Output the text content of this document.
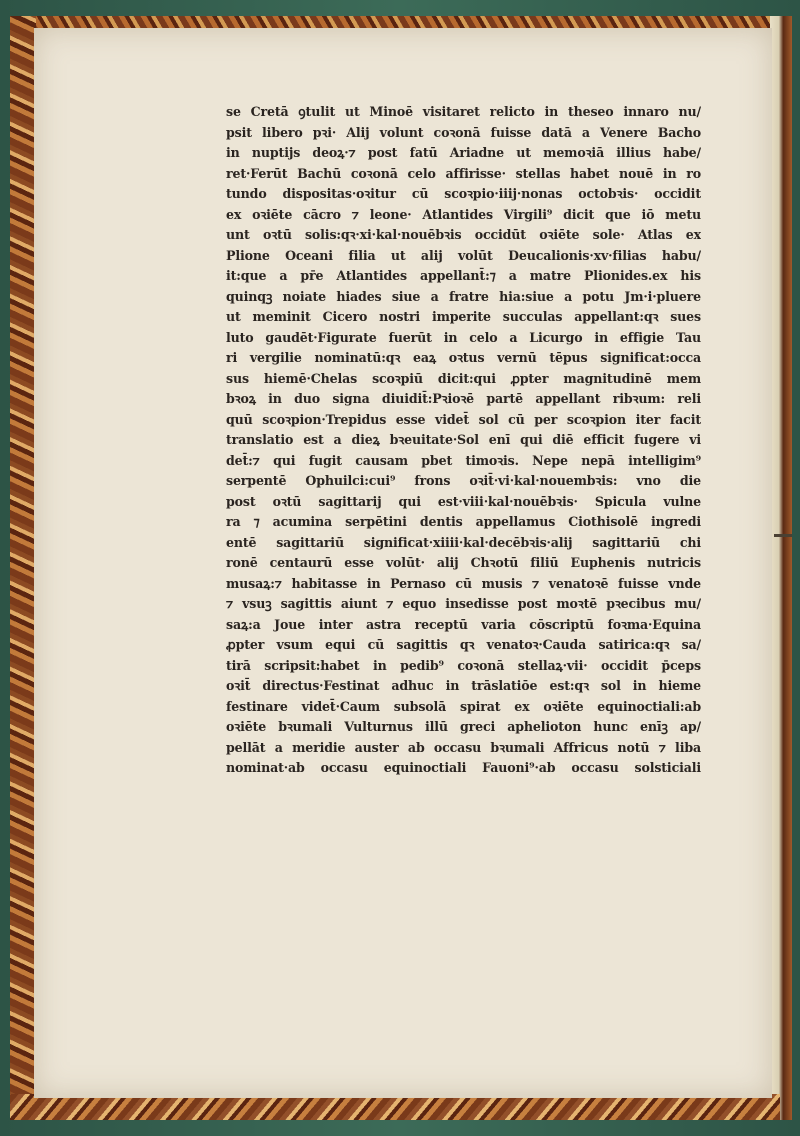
se Cretā ꝯtulit ut Minoē visitaret relicto in theseo innaro nu/
psit libero pꝛi· Alij volunt coꝛonā fuisse datā a Venere Bacho
in nuptijs deoꝝ·⁊ post fatū Ariadne ut memoꝛiā illius habe/
ret·Ferūt Bachū coꝛonā celo affirisse· stellas habet nouē in ro
tundo dispositas·oꝛitur cū scoꝛpio·iiij·nonas octobꝛis· occidit
ex oꝛiēte cācro ⁊ leone· Atlantides Virgili⁹ dicit que iō metu
unt oꝛtū solis:qꝛ·xi·kal·nouēbꝛis occidūt oꝛiēte sole· Atlas ex
Plione Oceani filia ut alij volūt Deucalionis·xv·filias habu/
it:que a pr̄e Atlantides appellant̄:⁊ a matre Plionides.ex his
quinqꝫ noiate hiades siue a fratre hia:siue a potu Jm·i·pluere
ut meminit Cicero nostri imperite succulas appellant:qꝛ sues
luto gaudēt·Figurate fuerūt in celo a Licurgo in effigie Tau
ri vergilie nominatū:qꝛ eaꝝ oꝛtus vernū tēpus significat:occa
sus hiemē·Chelas scoꝛpiū dicit:qui ꝓpter magnitudinē mem
bꝛoꝝ in duo signa diuidit̄:Pꝛioꝛē partē appellant ribꝛum: reli
quū scoꝛpion·Trepidus esse videt̄ sol cū per scoꝛpion iter facit
translatio est a dieꝝ bꝛeuitate·Sol enī qui diē efficit fugere vi
det̄:⁊ qui fugit causam pbet timoꝛis. Nepe nepā intelligim⁹
serpentē Ophuilci:cui⁹ frons oꝛit̄·vi·kal·nouembꝛis: vno die
post oꝛtū sagittarij qui est·viii·kal·nouēbꝛis· Spicula vulne
ra ⁊ acumina serpētini dentis appellamus Ciothisolē ingredi
entē sagittariū significat·xiiii·kal·decēbꝛis·alij sagittariū chi
ronē centaurū esse volūt· alij Chꝛotū filiū Euphenis nutricis
musaꝝ:⁊ habitasse in Pernaso cū musis ⁊ venatoꝛē fuisse vnde
⁊ vsuꝫ sagittis aiunt ⁊ equo insedisse post moꝛtē pꝛecibus mu/
saꝝ:a Joue inter astra receptū varia cōscriptū foꝛma·Equina
ꝓpter vsum equi cū sagittis qꝛ venatoꝛ·Cauda satirica:qꝛ sa/
tirā scripsit:habet in pedib⁹ coꝛonā stellaꝝ·vii· occidit p̄ceps
oꝛit̄ directus·Festinat adhuc in trāslatiōe est:qꝛ sol in hieme
festinare videt̄·Caum subsolā spirat ex oꝛiēte equinoctiali:ab
oꝛiēte bꝛumali Vulturnus illū greci aphelioton hunc enīꝫ ap/
pellāt a meridie auster ab occasu bꝛumali Affricus notū ⁊ liba
nominat·ab occasu equinoctiali Fauoni⁹·ab occasu solsticiali
